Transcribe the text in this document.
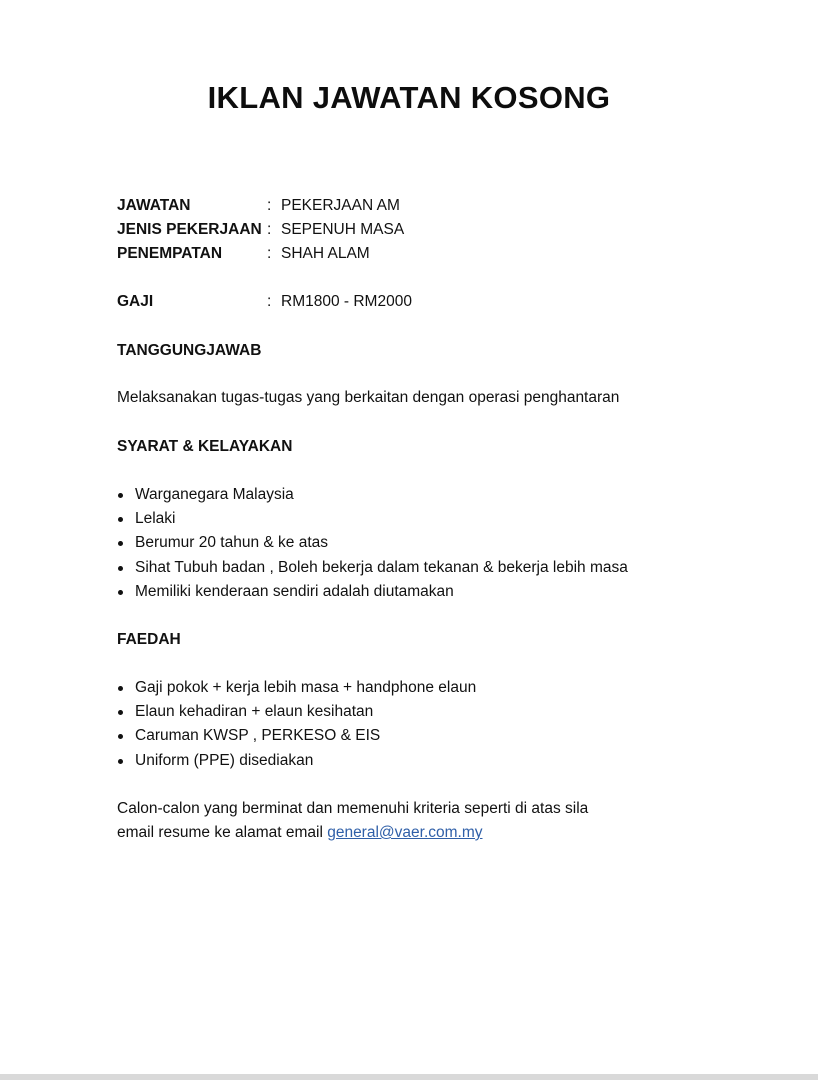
IKLAN JAWATAN KOSONG
JAWATAN	: PEKERJAAN AM
JENIS PEKERJAAN : SEPENUH MASA
PENEMPATAN	: SHAH ALAM
GAJI	: RM1800 - RM2000
TANGGUNGJAWAB

Melaksanakan tugas-tugas yang berkaitan dengan operasi penghantaran

SYARAT & KELAYAKAN
Warganegara Malaysia
Lelaki
Berumur 20 tahun & ke atas
Sihat Tubuh badan , Boleh bekerja dalam tekanan & bekerja lebih masa
Memiliki kenderaan sendiri adalah diutamakan
FAEDAH
Gaji pokok + kerja lebih masa + handphone elaun
Elaun kehadiran + elaun kesihatan
Caruman KWSP , PERKESO & EIS
Uniform (PPE) disediakan

Calon-calon yang berminat dan memenuhi kriteria seperti di atas sila

email resume ke alamat email general@vaer.com.my
